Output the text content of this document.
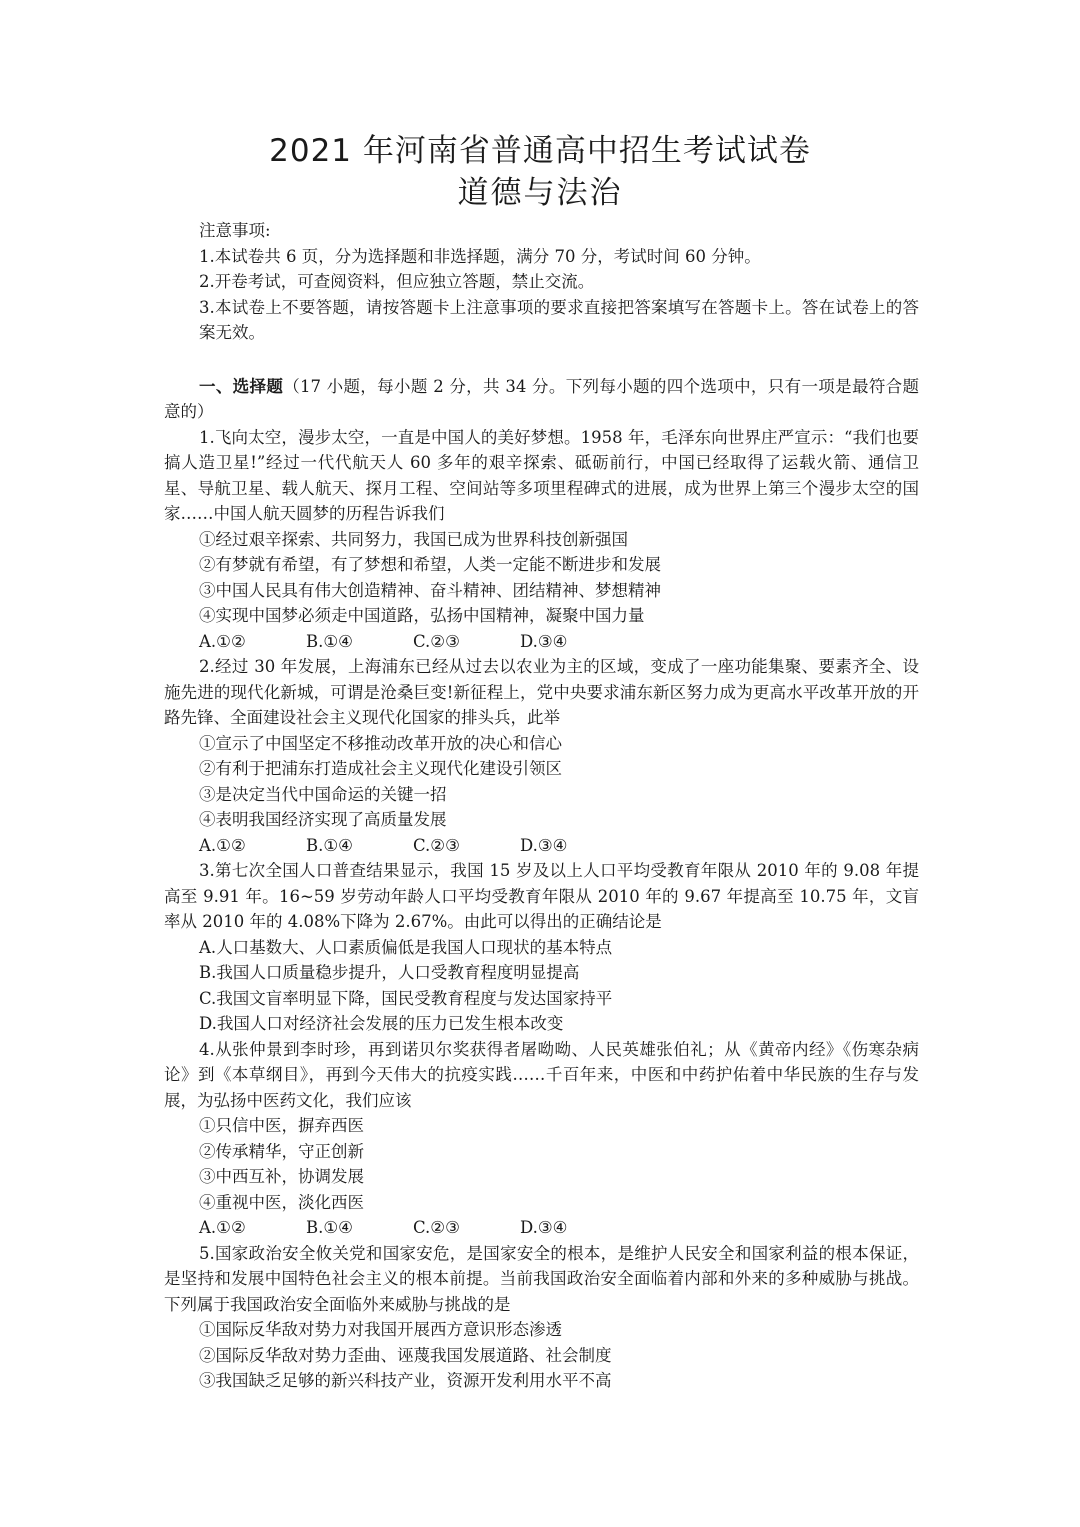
2021 年河南省普通高中招生考试试卷
道德与法治
注意事项:
1.本试卷共 6 页，分为选择题和非选择题，满分 70 分，考试时间 60 分钟。
2.开卷考试，可查阅资料，但应独立答题，禁止交流。
3.本试卷上不要答题，请按答题卡上注意事项的要求直接把答案填写在答题卡上。答在试卷上的答案无效。
一、选择题（17 小题，每小题 2 分，共 34 分。下列每小题的四个选项中，只有一项是最符合题意的）
1.飞向太空，漫步太空，一直是中国人的美好梦想。1958 年，毛泽东向世界庄严宣示：“我们也要搞人造卫星!”经过一代代航天人 60 多年的艰辛探索、砥砺前行，中国已经取得了运载火箭、通信卫星、导航卫星、载人航天、探月工程、空间站等多项里程碑式的进展，成为世界上第三个漫步太空的国家……中国人航天圆梦的历程告诉我们
①经过艰辛探索、共同努力，我国已成为世界科技创新强国
②有梦就有希望，有了梦想和希望，人类一定能不断进步和发展
③中国人民具有伟大创造精神、奋斗精神、团结精神、梦想精神
④实现中国梦必须走中国道路，弘扬中国精神，凝聚中国力量
A.①②	B.①④	C.②③	D.③④
2.经过 30 年发展，上海浦东已经从过去以农业为主的区域，变成了一座功能集聚、要素齐全、设施先进的现代化新城，可谓是沧桑巨变!新征程上，党中央要求浦东新区努力成为更高水平改革开放的开路先锋、全面建设社会主义现代化国家的排头兵，此举
①宣示了中国坚定不移推动改革开放的决心和信心
②有利于把浦东打造成社会主义现代化建设引领区
③是决定当代中国命运的关键一招
④表明我国经济实现了高质量发展
A.①②	B.①④	C.②③	D.③④
3.第七次全国人口普查结果显示，我国 15 岁及以上人口平均受教育年限从 2010 年的 9.08 年提高至 9.91 年。16~59 岁劳动年龄人口平均受教育年限从 2010 年的 9.67 年提高至 10.75 年，文盲率从 2010 年的 4.08%下降为 2.67%。由此可以得出的正确结论是
A.人口基数大、人口素质偏低是我国人口现状的基本特点
B.我国人口质量稳步提升，人口受教育程度明显提高
C.我国文盲率明显下降，国民受教育程度与发达国家持平
D.我国人口对经济社会发展的压力已发生根本改变
4.从张仲景到李时珍，再到诺贝尔奖获得者屠呦呦、人民英雄张伯礼；从《黄帝内经》《伤寒杂病论》到《本草纲目》，再到今天伟大的抗疫实践……千百年来，中医和中药护佑着中华民族的生存与发展，为弘扬中医药文化，我们应该
①只信中医，摒弃西医
②传承精华，守正创新
③中西互补，协调发展
④重视中医，淡化西医
A.①②	B.①④	C.②③	D.③④
5.国家政治安全攸关党和国家安危，是国家安全的根本，是维护人民安全和国家利益的根本保证，是坚持和发展中国特色社会主义的根本前提。当前我国政治安全面临着内部和外来的多种威胁与挑战。下列属于我国政治安全面临外来威胁与挑战的是
①国际反华敌对势力对我国开展西方意识形态渗透
②国际反华敌对势力歪曲、诬蔑我国发展道路、社会制度
③我国缺乏足够的新兴科技产业，资源开发利用水平不高
